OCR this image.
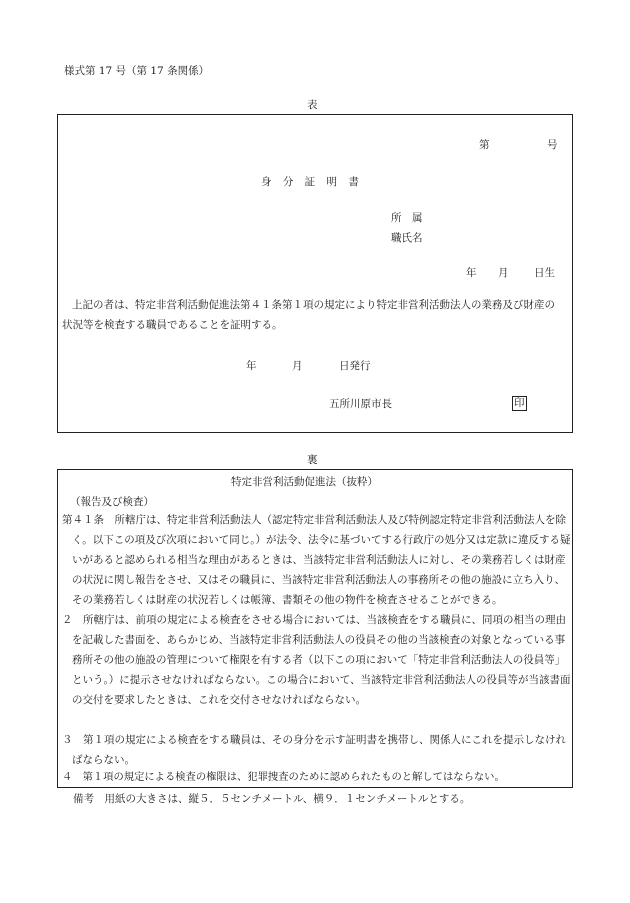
様式第 17 号（第 17 条関係）
表
第	号
身 分 証 明 書
所　属
職氏名
年 月 日生
上記の者は、特定非営利活動促進法第４１条第１項の規定により特定非営利活動法人の業務及び財産の状況等を検査する職員であることを証明する。
年	月	日発行
五所川原市長	印
裏
特定非営利活動促進法（抜粋）
（報告及び検査）
第４１条　所轄庁は、特定非営利活動法人（認定特定非営利活動法人及び特例認定特定非営利活動法人を除く。以下この項及び次項において同じ。）が法令、法令に基づいてする行政庁の処分又は定款に違反する疑いがあると認められる相当な理由があるときは、当該特定非営利活動法人に対し、その業務若しくは財産の状況に関し報告をさせ、又はその職員に、当該特定非営利活動法人の事務所その他の施設に立ち入り、その業務若しくは財産の状況若しくは帳簿、書類その他の物件を検査させることができる。
２　所轄庁は、前項の規定による検査をさせる場合においては、当該検査をする職員に、同項の相当の理由を記載した書面を、あらかじめ、当該特定非営利活動法人の役員その他の当該検査の対象となっている事務所その他の施設の管理について権限を有する者（以下この項において「特定非営利活動法人の役員等」という。）に提示させなければならない。この場合において、当該特定非営利活動法人の役員等が当該書面の交付を要求したときは、これを交付させなければならない。
３　第１項の規定による検査をする職員は、その身分を示す証明書を携帯し、関係人にこれを提示しなければならない。
４　第１項の規定による検査の権限は、犯罪捜査のために認められたものと解してはならない。
備考　用紙の大きさは、縦５．５センチメートル、横９．１センチメートルとする。
